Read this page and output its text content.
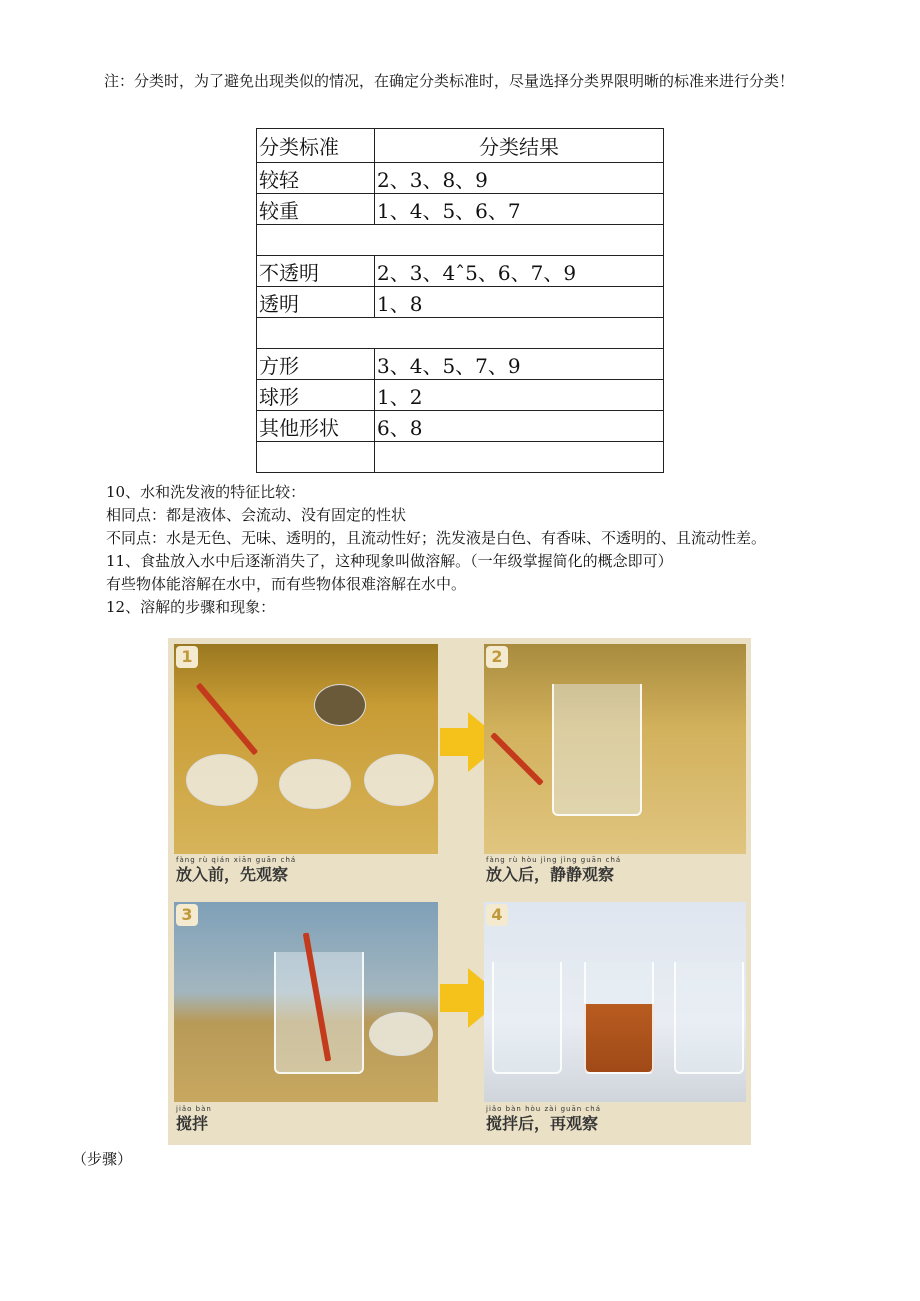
注：分类时，为了避免出现类似的情况，在确定分类标准时，尽量选择分类界限明晰的标准来进行分类！

分类标准	分类结果
较轻	2、3、8、9
较重	1、4、5、6、7

不透明	2、3、4ˆ5、6、7、9
透明	1、8

方形	3、4、5、7、9
球形	1、2
其他形状	6、8

10、水和洗发液的特征比较：

相同点：都是液体、会流动、没有固定的性状

不同点：水是无色、无味、透明的，且流动性好；洗发液是白色、有香味、不透明的、且流动性差。

11、食盐放入水中后逐渐消失了，这种现象叫做溶解。（一年级掌握简化的概念即可）

有些物体能溶解在水中，而有些物体很难溶解在水中。

12、溶解的步骤和现象：

1	2
3	4
fàng rù qián xiān guān chá
放入前，先观察
fàng rù hòu jìng jìng guān chá
放入后，静静观察
jiǎo bàn
搅拌
jiǎo bàn hòu zài guān chá
搅拌后，再观察

（步骤）
